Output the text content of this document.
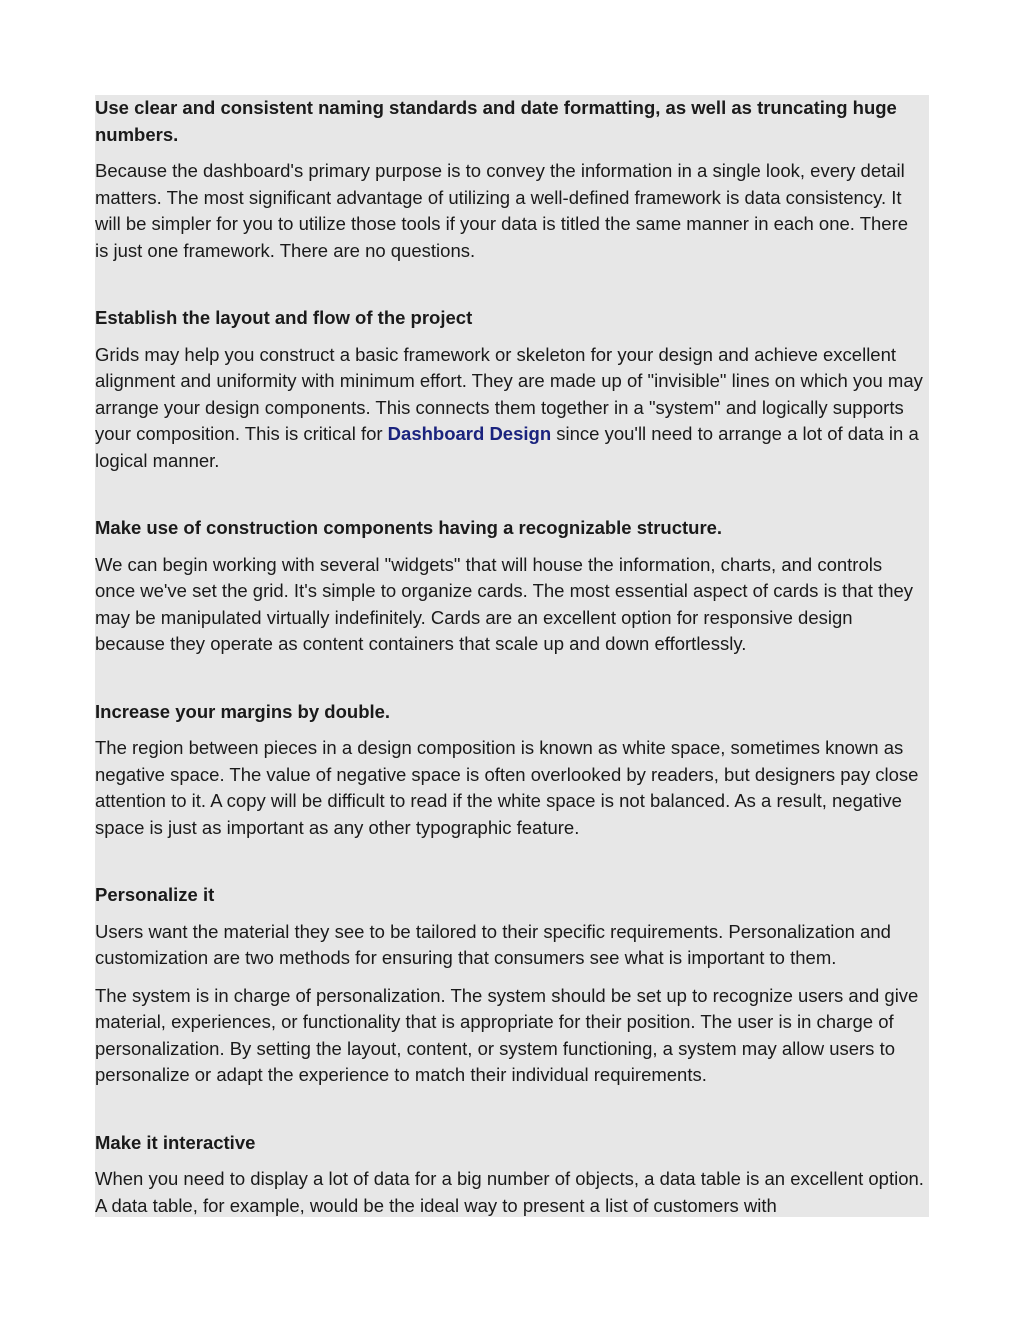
Use clear and consistent naming standards and date formatting, as well as truncating huge numbers.
Because the dashboard's primary purpose is to convey the information in a single look, every detail matters. The most significant advantage of utilizing a well-defined framework is data consistency. It will be simpler for you to utilize those tools if your data is titled the same manner in each one. There is just one framework. There are no questions.
Establish the layout and flow of the project
Grids may help you construct a basic framework or skeleton for your design and achieve excellent alignment and uniformity with minimum effort. They are made up of "invisible" lines on which you may arrange your design components. This connects them together in a "system" and logically supports your composition. This is critical for Dashboard Design since you'll need to arrange a lot of data in a logical manner.
Make use of construction components having a recognizable structure.
We can begin working with several "widgets" that will house the information, charts, and controls once we've set the grid. It's simple to organize cards. The most essential aspect of cards is that they may be manipulated virtually indefinitely. Cards are an excellent option for responsive design because they operate as content containers that scale up and down effortlessly.
Increase your margins by double.
The region between pieces in a design composition is known as white space, sometimes known as negative space. The value of negative space is often overlooked by readers, but designers pay close attention to it. A copy will be difficult to read if the white space is not balanced. As a result, negative space is just as important as any other typographic feature.
Personalize it
Users want the material they see to be tailored to their specific requirements. Personalization and customization are two methods for ensuring that consumers see what is important to them.
The system is in charge of personalization. The system should be set up to recognize users and give material, experiences, or functionality that is appropriate for their position. The user is in charge of personalization. By setting the layout, content, or system functioning, a system may allow users to personalize or adapt the experience to match their individual requirements.
Make it interactive
When you need to display a lot of data for a big number of objects, a data table is an excellent option. A data table, for example, would be the ideal way to present a list of customers with
